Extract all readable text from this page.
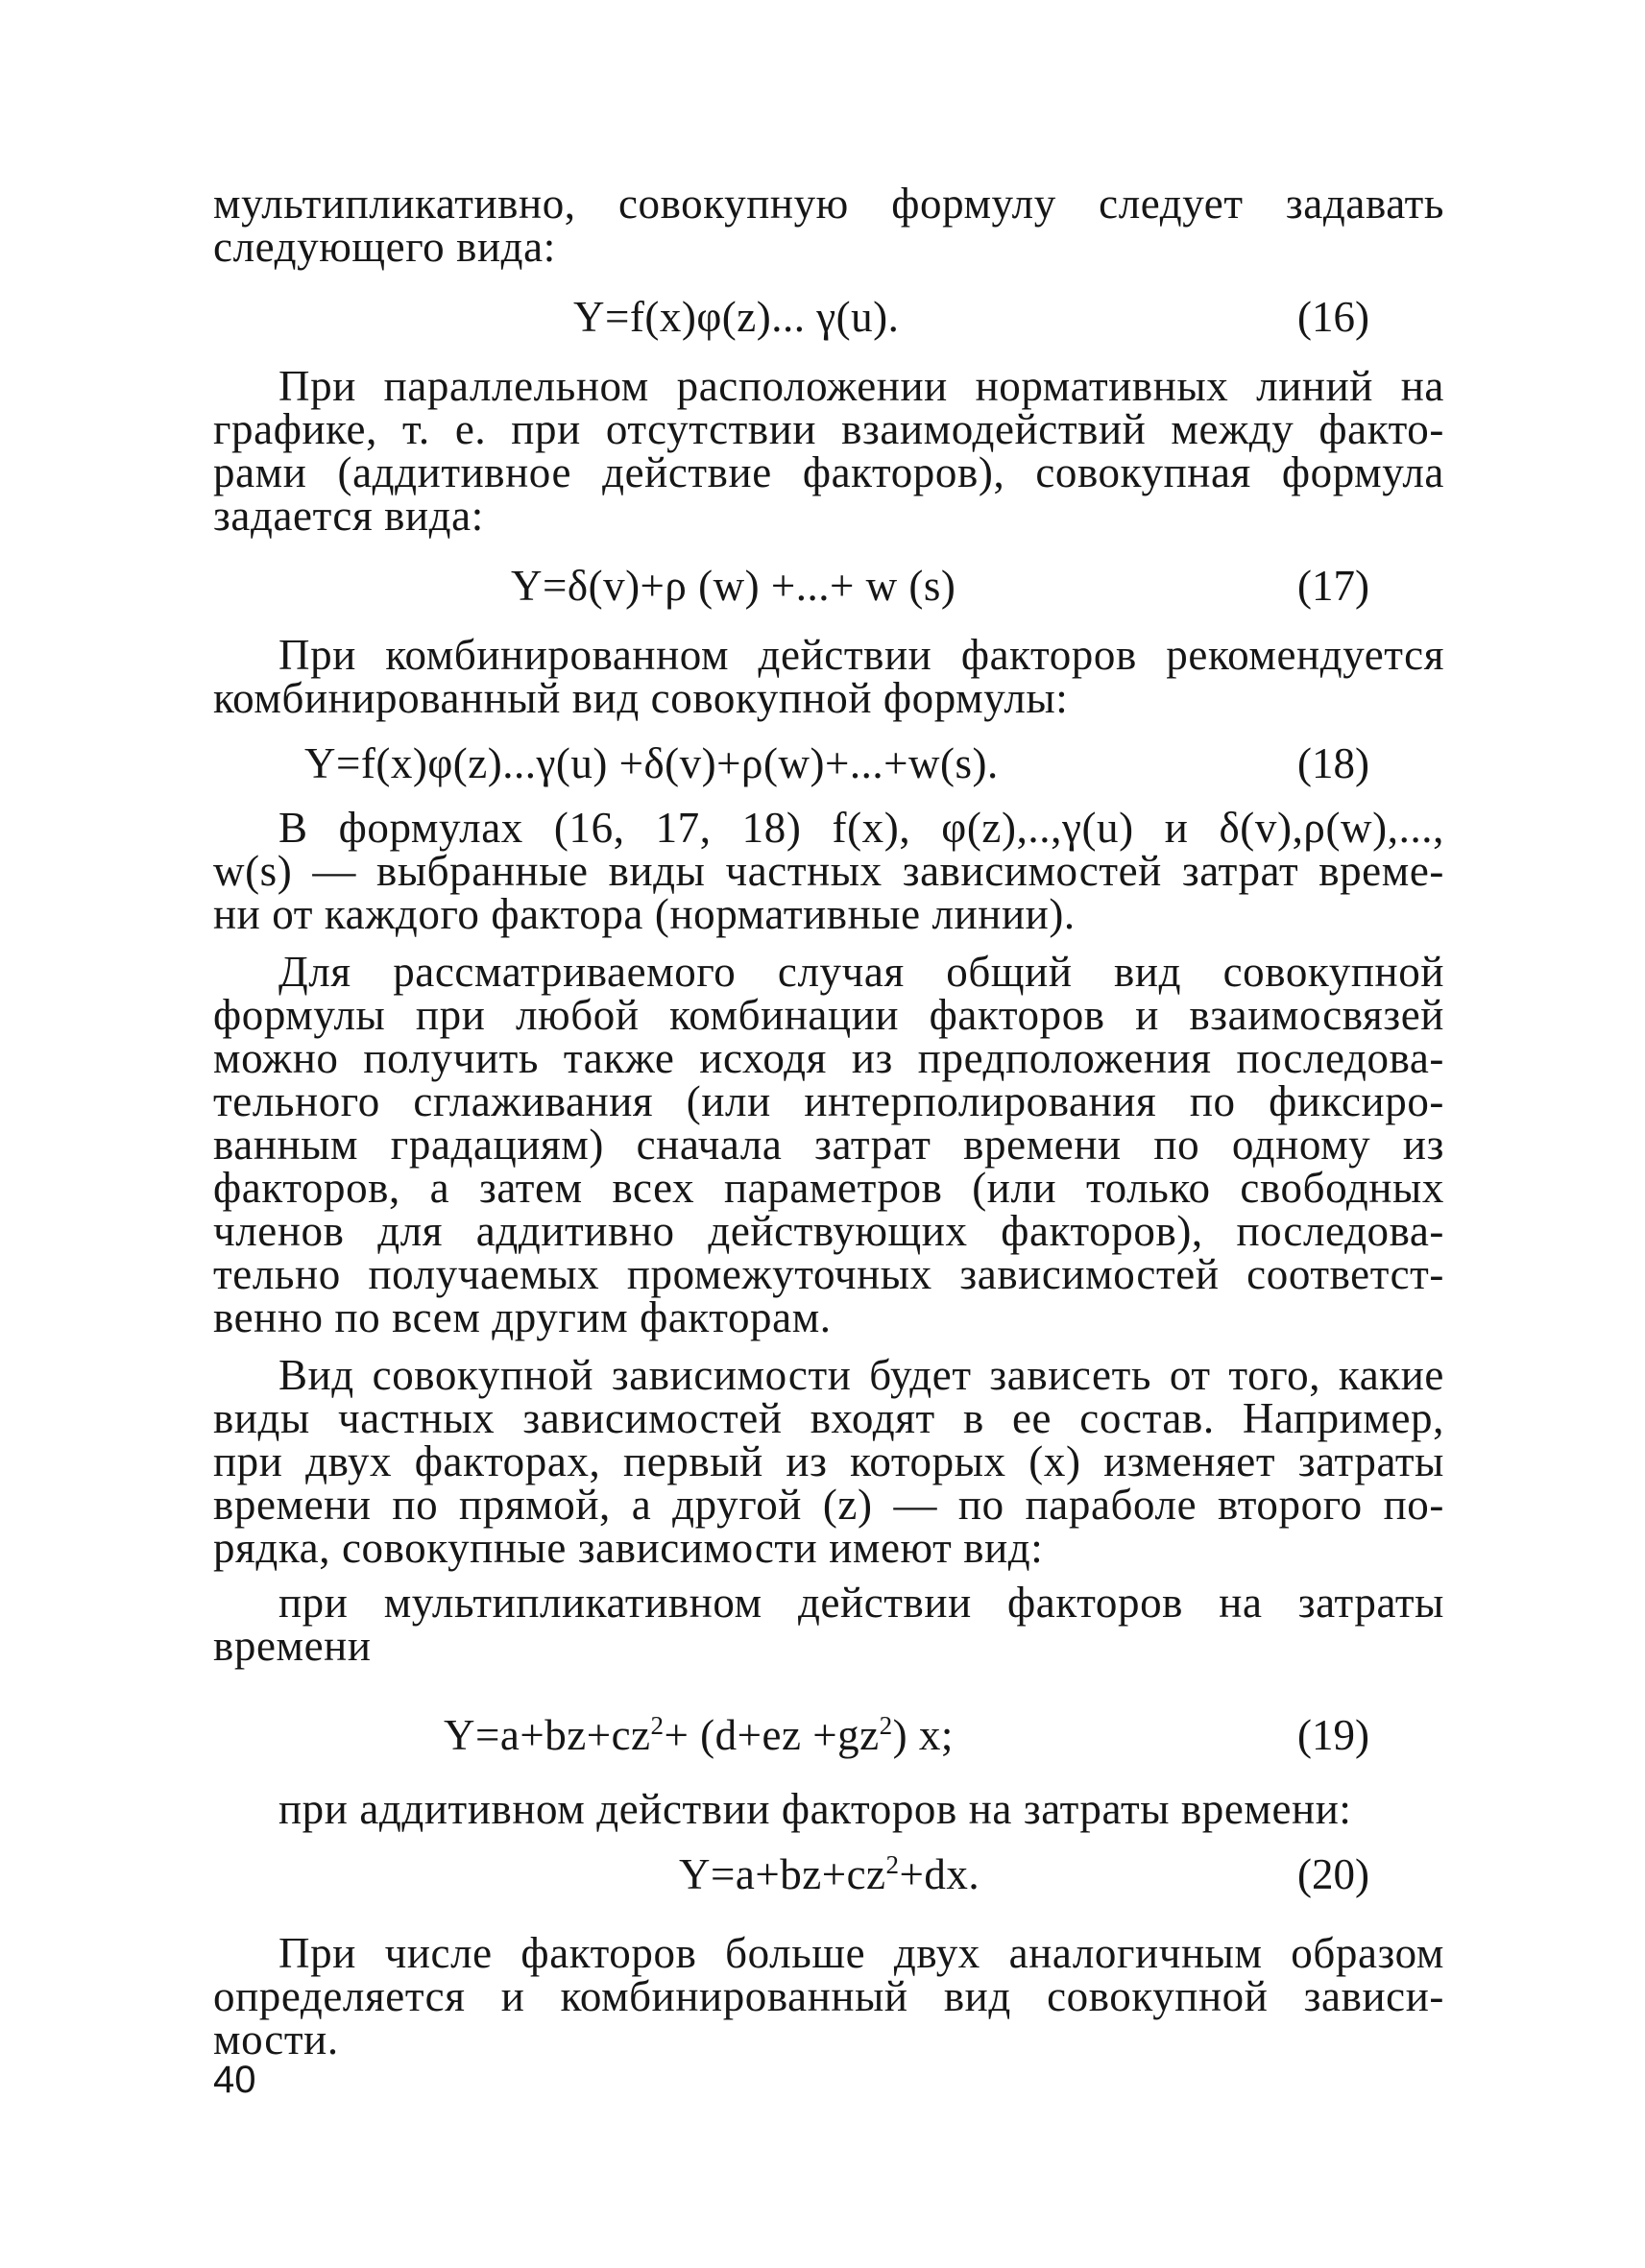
мультипликативно, совокупную формулу следует задавать
следующего вида:

Y=f(x)φ(z)... γ(u).	(16)

При параллельном расположении нормативных линий на
графике, т. е. при отсутствии взаимодействий между факто-
рами (аддитивное действие факторов), совокупная формула
задается вида:

Y=δ(v)+ρ (w) +...+ w (s)	(17)

При комбинированном действии факторов рекомендуется
комбинированный вид совокупной формулы:

Y=f(x)φ(z)...γ(u) +δ(v)+ρ(w)+...+w(s).	(18)

В формулах (16, 17, 18) f(x), φ(z),..,γ(u) и δ(v),ρ(w),...,
w(s) — выбранные виды частных зависимостей затрат време-
ни от каждого фактора (нормативные линии).

Для рассматриваемого случая общий вид совокупной
формулы при любой комбинации факторов и взаимосвязей
можно получить также исходя из предположения последова-
тельного сглаживания (или интерполирования по фиксиро-
ванным градациям) сначала затрат времени по одному из
факторов, а затем всех параметров (или только свободных
членов для аддитивно действующих факторов), последова-
тельно получаемых промежуточных зависимостей соответст-
венно по всем другим факторам.

Вид совокупной зависимости будет зависеть от того, какие
виды частных зависимостей входят в ее состав. Например,
при двух факторах, первый из которых (x) изменяет затраты
времени по прямой, а другой (z) — по параболе второго по-
рядка, совокупные зависимости имеют вид:

при мультипликативном действии факторов на затраты
времени

$Y=a+bz+cz^2+ (d+ez +gz^2)$ x;	(19)

при аддитивном действии факторов на затраты времени:

$Y=a+bz+cz^2+dx$.	(20)

При числе факторов больше двух аналогичным образом
определяется и комбинированный вид совокупной зависи-
мости.

40
